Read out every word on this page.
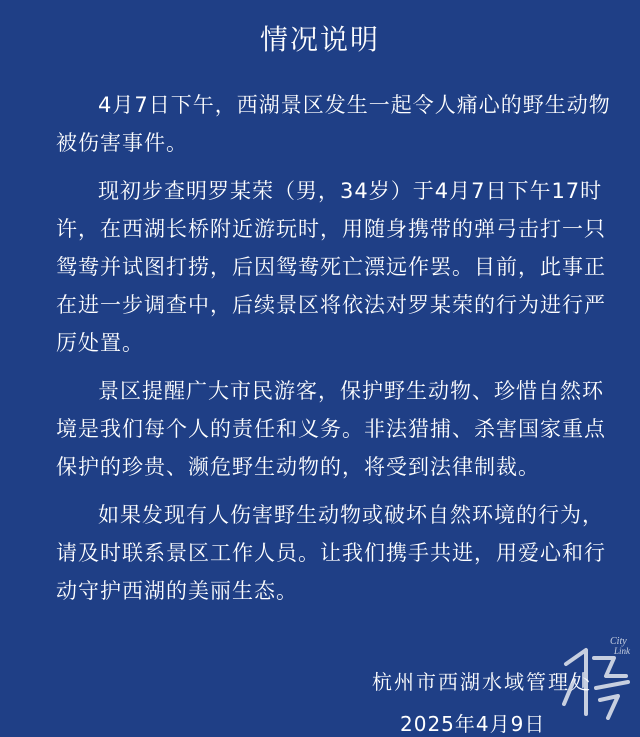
情况说明

4月7日下午，西湖景区发生一起令人痛心的野生动物被伤害事件。

现初步查明罗某荣（男，34岁）于4月7日下午17时许，在西湖长桥附近游玩时，用随身携带的弹弓击打一只鸳鸯并试图打捞，后因鸳鸯死亡漂远作罢。目前，此事正在进一步调查中，后续景区将依法对罗某荣的行为进行严厉处置。

景区提醒广大市民游客，保护野生动物、珍惜自然环境是我们每个人的责任和义务。非法猎捕、杀害国家重点保护的珍贵、濒危野生动物的，将受到法律制裁。

如果发现有人伤害野生动物或破坏自然环境的行为，请及时联系景区工作人员。让我们携手共进，用爱心和行动守护西湖的美丽生态。

杭州市西湖水域管理处
2025年4月9日
City
Link
